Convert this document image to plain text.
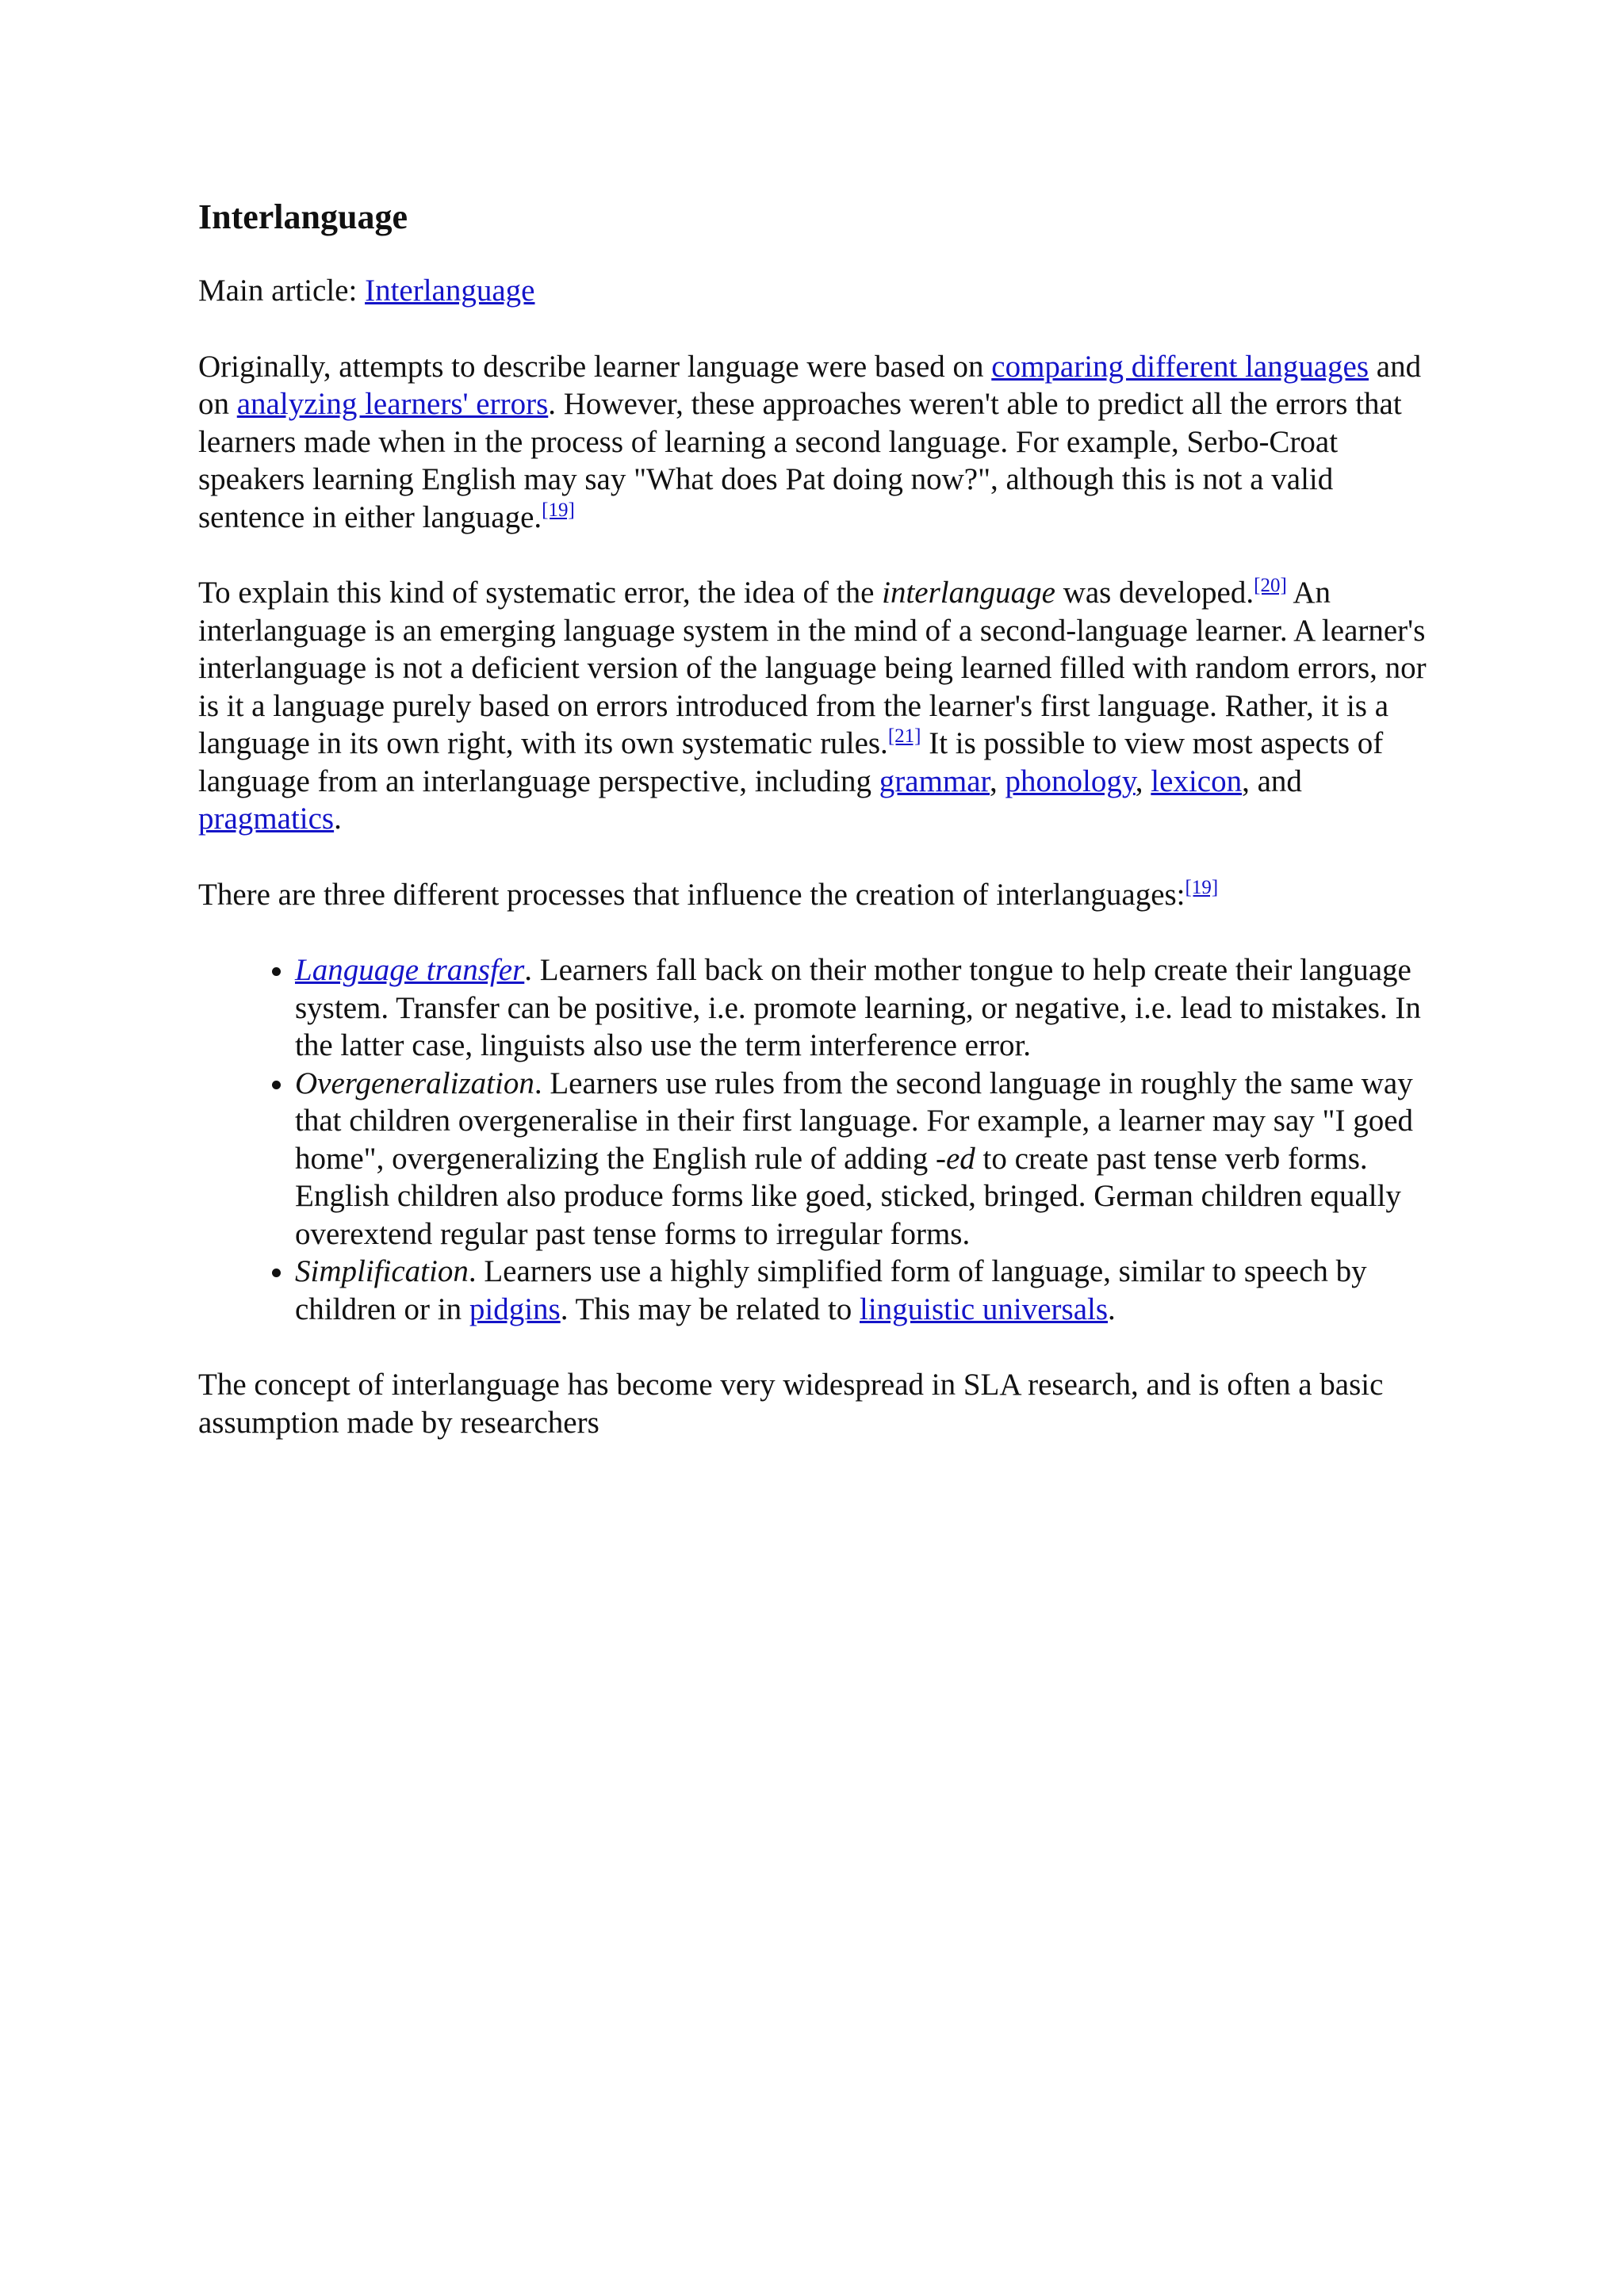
Interlanguage

Main article: Interlanguage

Originally, attempts to describe learner language were based on comparing different languages and on analyzing learners' errors. However, these approaches weren't able to predict all the errors that learners made when in the process of learning a second language. For example, Serbo-Croat speakers learning English may say "What does Pat doing now?", although this is not a valid sentence in either language.[19]

To explain this kind of systematic error, the idea of the interlanguage was developed.[20] An interlanguage is an emerging language system in the mind of a second-language learner. A learner's interlanguage is not a deficient version of the language being learned filled with random errors, nor is it a language purely based on errors introduced from the learner's first language. Rather, it is a language in its own right, with its own systematic rules.[21] It is possible to view most aspects of language from an interlanguage perspective, including grammar, phonology, lexicon, and pragmatics.

There are three different processes that influence the creation of interlanguages:[19]

• Language transfer. Learners fall back on their mother tongue to help create their language system. Transfer can be positive, i.e. promote learning, or negative, i.e. lead to mistakes. In the latter case, linguists also use the term interference error.
• Overgeneralization. Learners use rules from the second language in roughly the same way that children overgeneralise in their first language. For example, a learner may say "I goed home", overgeneralizing the English rule of adding -ed to create past tense verb forms. English children also produce forms like goed, sticked, bringed. German children equally overextend regular past tense forms to irregular forms.
• Simplification. Learners use a highly simplified form of language, similar to speech by children or in pidgins. This may be related to linguistic universals.

The concept of interlanguage has become very widespread in SLA research, and is often a basic assumption made by researchers
